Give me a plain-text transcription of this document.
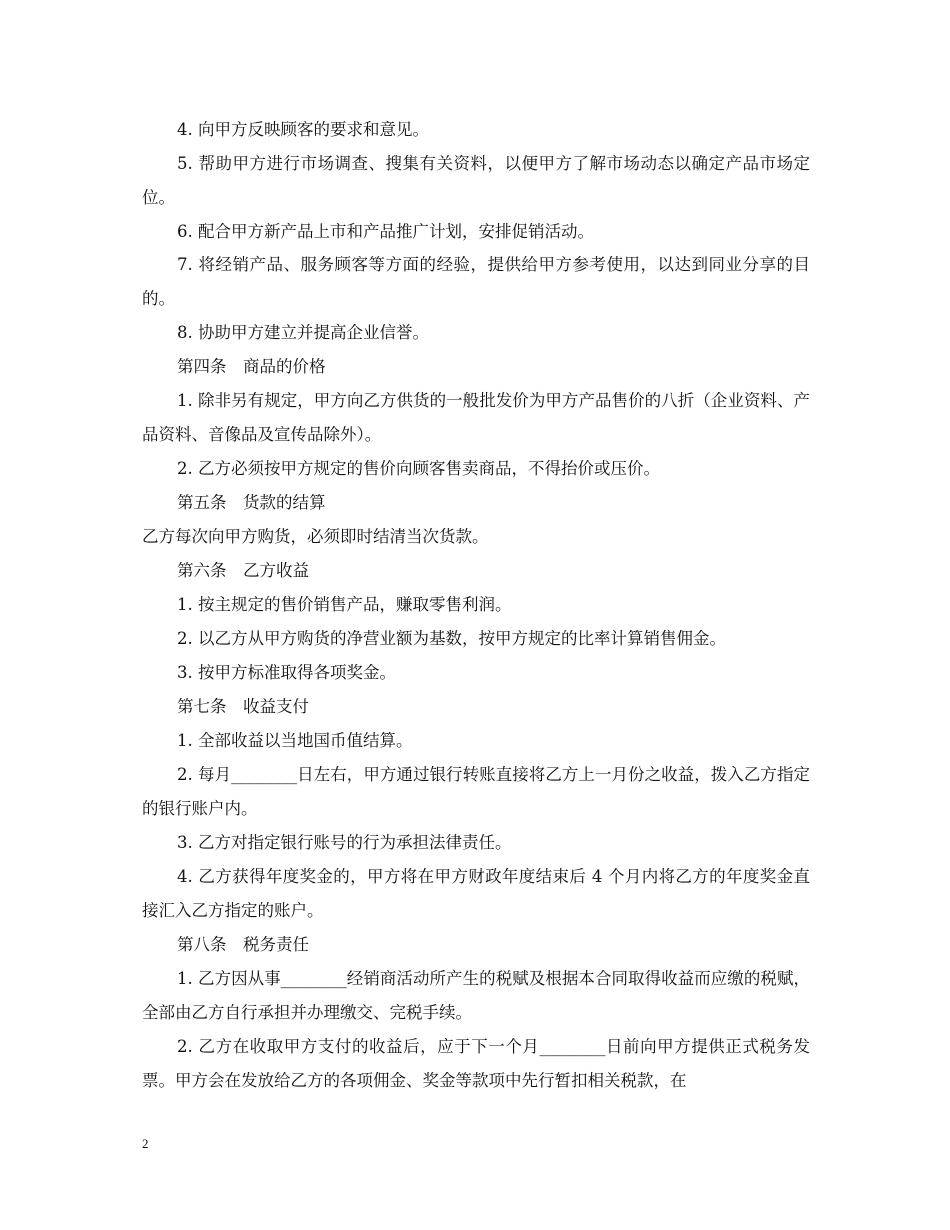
4. 向甲方反映顾客的要求和意见。

5. 帮助甲方进行市场调查、搜集有关资料，以便甲方了解市场动态以确定产品市场定位。

6. 配合甲方新产品上市和产品推广计划，安排促销活动。

7. 将经销产品、服务顾客等方面的经验，提供给甲方参考使用，以达到同业分享的目的。

8. 协助甲方建立并提高企业信誉。

第四条　商品的价格

1. 除非另有规定，甲方向乙方供货的一般批发价为甲方产品售价的八折（企业资料、产品资料、音像品及宣传品除外）。

2. 乙方必须按甲方规定的售价向顾客售卖商品，不得抬价或压价。

第五条　货款的结算

乙方每次向甲方购货，必须即时结清当次货款。

第六条　乙方收益

1. 按主规定的售价销售产品，赚取零售利润。

2. 以乙方从甲方购货的净营业额为基数，按甲方规定的比率计算销售佣金。

3. 按甲方标准取得各项奖金。

第七条　收益支付

1. 全部收益以当地国币值结算。

2. 每月________日左右，甲方通过银行转账直接将乙方上一月份之收益，拨入乙方指定的银行账户内。

3. 乙方对指定银行账号的行为承担法律责任。

4. 乙方获得年度奖金的，甲方将在甲方财政年度结束后 4 个月内将乙方的年度奖金直接汇入乙方指定的账户。

第八条　税务责任

1. 乙方因从事________经销商活动所产生的税赋及根据本合同取得收益而应缴的税赋，全部由乙方自行承担并办理缴交、完税手续。

2. 乙方在收取甲方支付的收益后，应于下一个月________日前向甲方提供正式税务发票。甲方会在发放给乙方的各项佣金、奖金等款项中先行暂扣相关税款，在

2
